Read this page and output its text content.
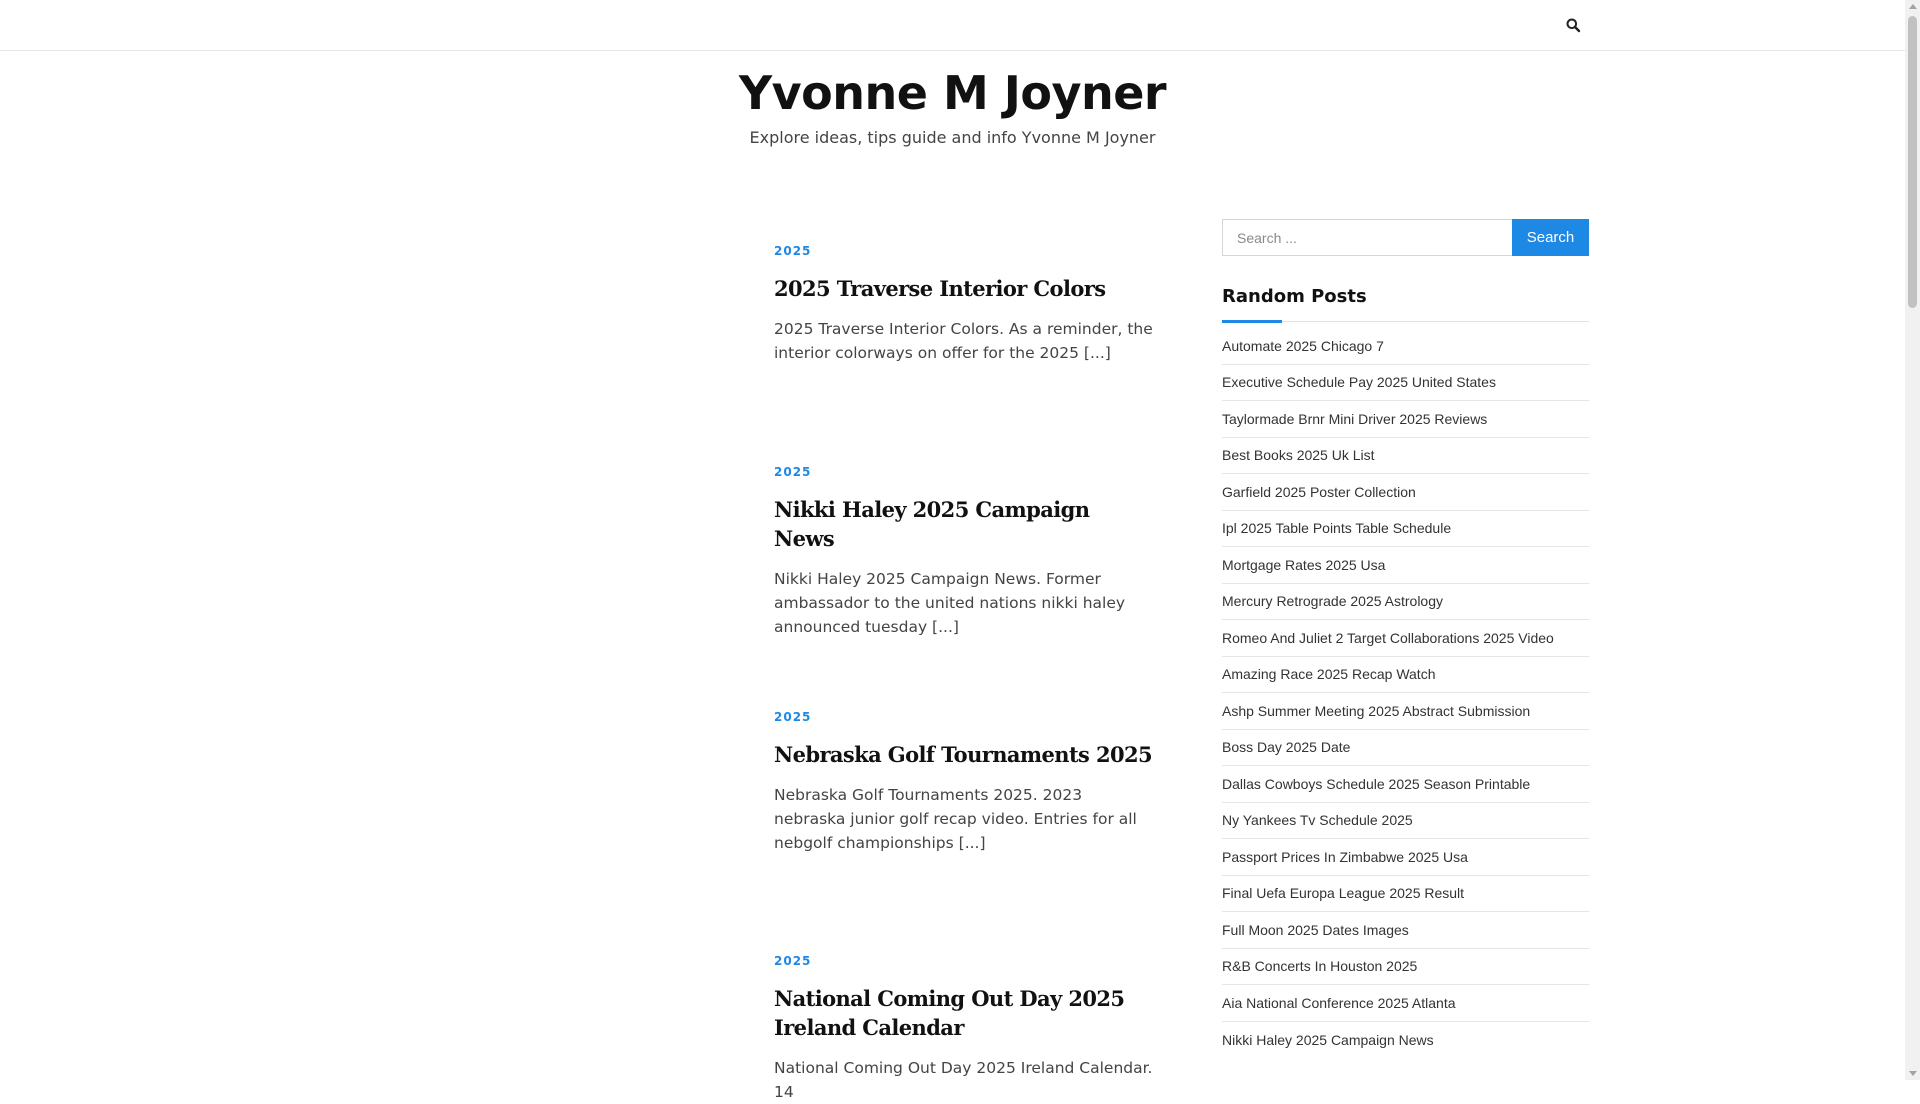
Yvonne M Joyner
Explore ideas, tips guide and info Yvonne M Joyner
2025
2025 Traverse Interior Colors

2025 Traverse Interior Colors. As a reminder, the interior colorways on offer for the 2025 [...]

2025
Nikki Haley 2025 Campaign News

Nikki Haley 2025 Campaign News. Former ambassador to the united nations nikki haley announced tuesday [...]

2025
Nebraska Golf Tournaments 2025

Nebraska Golf Tournaments 2025. 2023 nebraska junior golf recap video. Entries for all nebgolf championships [...]

2025
National Coming Out Day 2025 Ireland Calendar

National Coming Out Day 2025 Ireland Calendar. 14

Search ...
Search
Random Posts
Automate 2025 Chicago 7
Executive Schedule Pay 2025 United States
Taylormade Brnr Mini Driver 2025 Reviews
Best Books 2025 Uk List
Garfield 2025 Poster Collection
Ipl 2025 Table Points Table Schedule
Mortgage Rates 2025 Usa
Mercury Retrograde 2025 Astrology
Romeo And Juliet 2 Target Collaborations 2025 Video
Amazing Race 2025 Recap Watch
Ashp Summer Meeting 2025 Abstract Submission
Boss Day 2025 Date
Dallas Cowboys Schedule 2025 Season Printable
Ny Yankees Tv Schedule 2025
Passport Prices In Zimbabwe 2025 Usa
Final Uefa Europa League 2025 Result
Full Moon 2025 Dates Images
R&B Concerts In Houston 2025
Aia National Conference 2025 Atlanta
Nikki Haley 2025 Campaign News
